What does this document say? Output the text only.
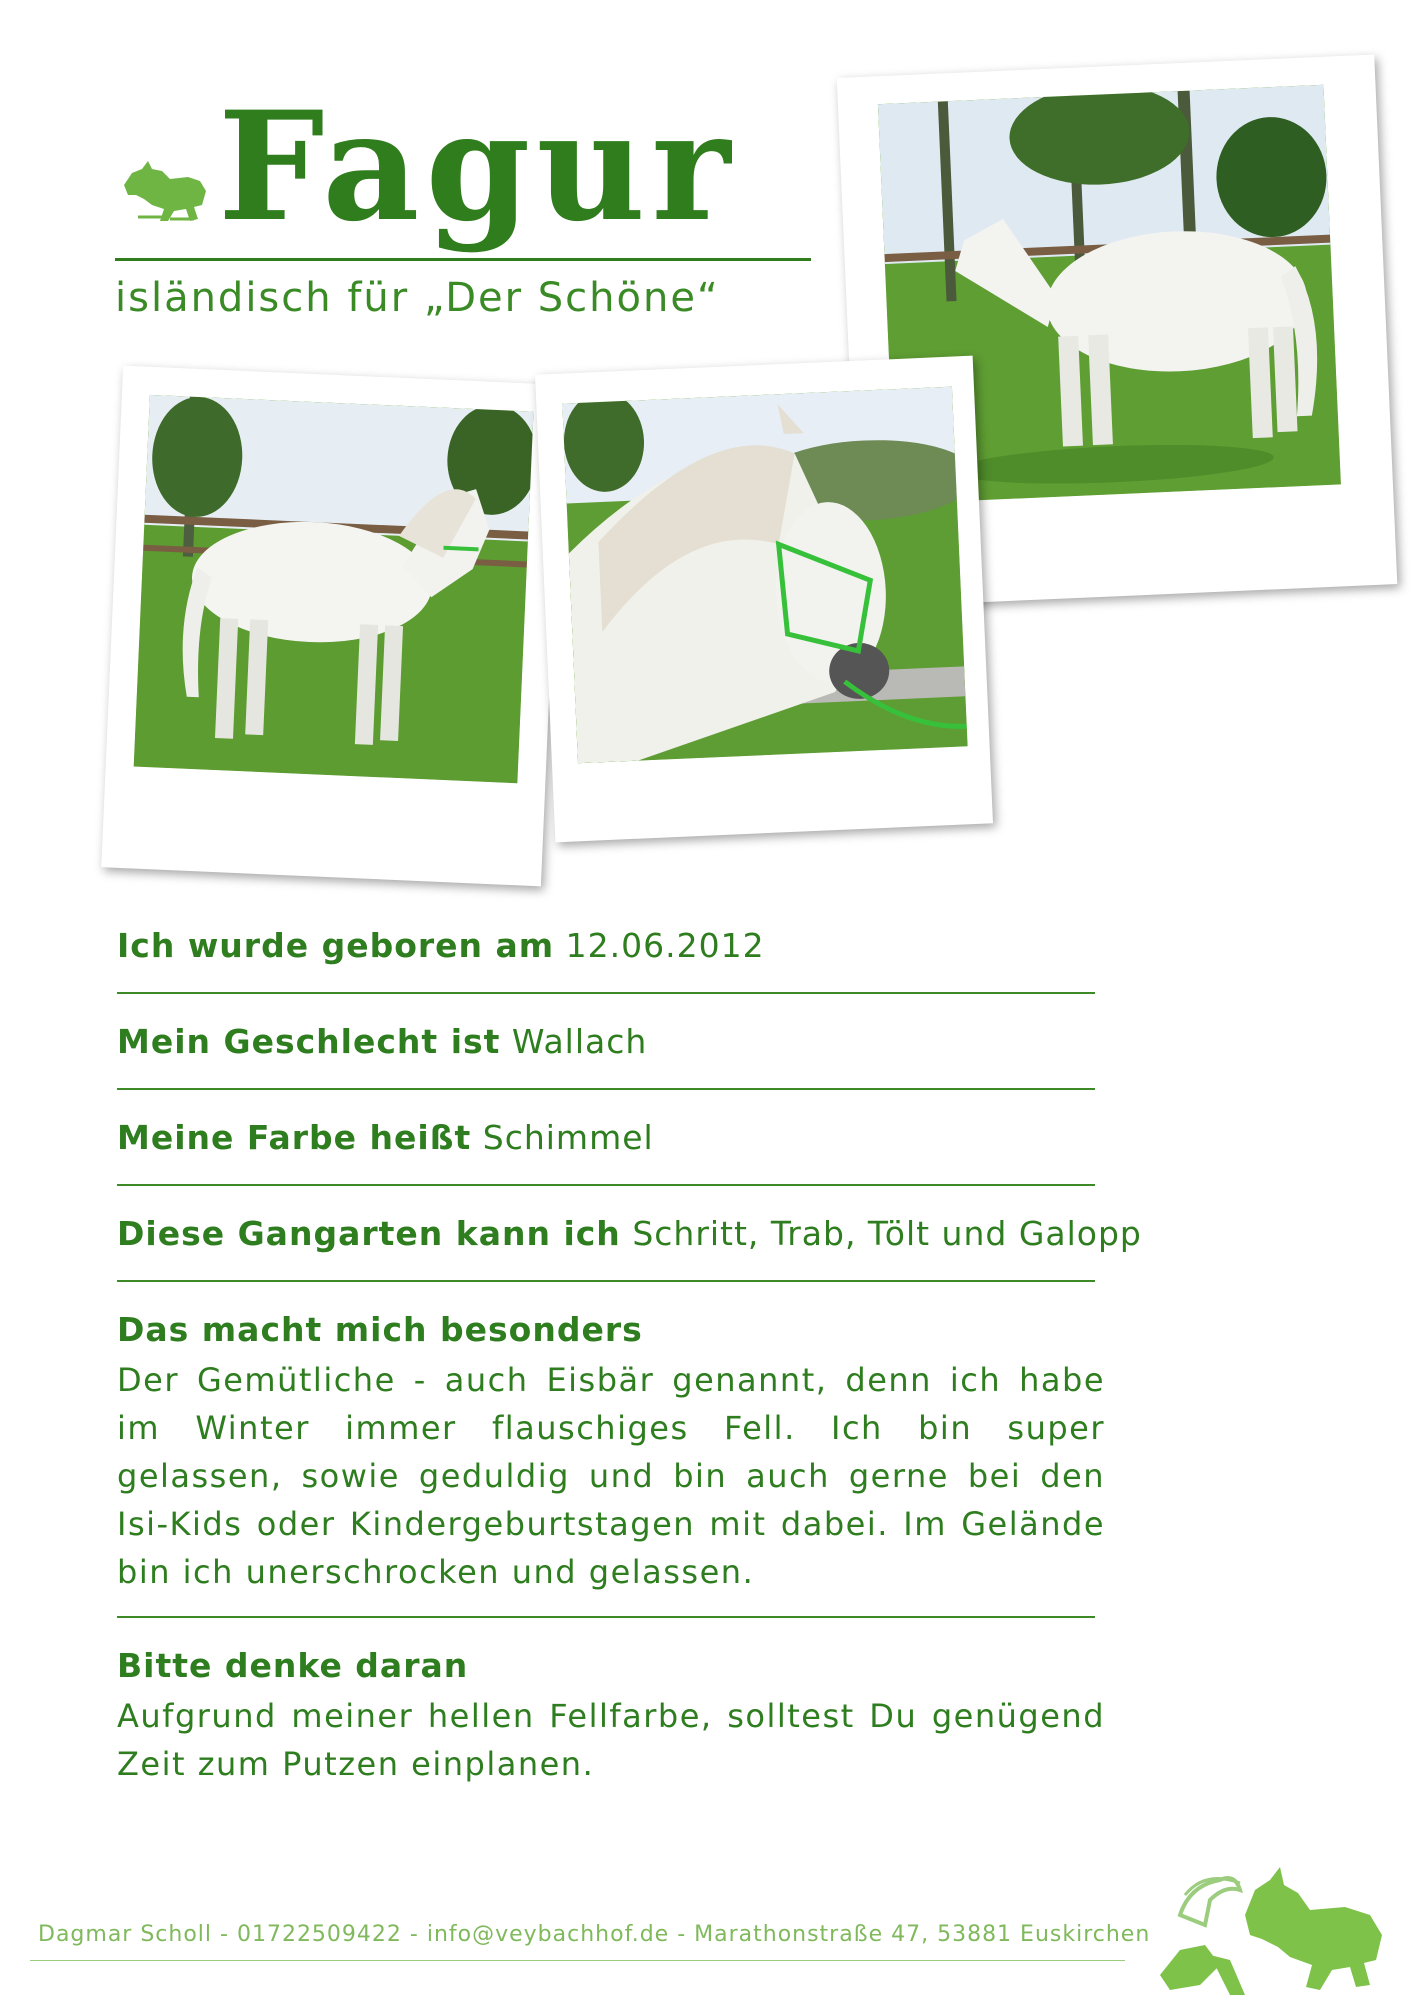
Fagur
isländisch für „Der Schöne“
Ich wurde geboren am 12.06.2012
Mein Geschlecht ist Wallach
Meine Farbe heißt Schimmel
Diese Gangarten kann ich Schritt, Trab, Tölt und Galopp
Das macht mich besonders
Der Gemütliche - auch Eisbär genannt, denn ich habe im Winter immer flauschiges Fell. Ich bin super gelassen, sowie geduldig und bin auch gerne bei den Isi-Kids oder Kindergeburtstagen mit dabei. Im Gelände bin ich unerschrocken und gelassen.
Bitte denke daran
Aufgrund meiner hellen Fellfarbe, solltest Du genügend Zeit zum Putzen einplanen.
Dagmar Scholl - 01722509422 - info@veybachhof.de - Marathonstraße 47, 53881 Euskirchen
